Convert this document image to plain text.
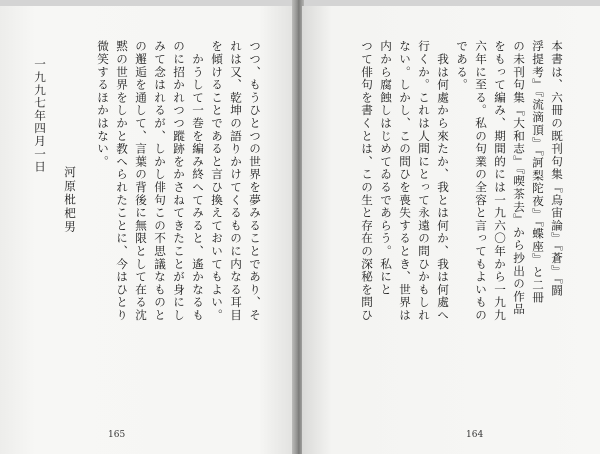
つつ、もうひとつの世界を夢みることであり、そ
れは又、乾坤の語りかけてくるものに内なる耳目
を傾けることであると言ひ換えておいてもよい。
　かうして一巻を編み終へてみると、遙かなるも
のに招かれつつ蹤跡をかさねてきたことが身にし
みて念はれるが、しかし俳句この不思議なものと
の邂逅を通して、言葉の背後に無限として在る沈
黙の世界をしかと教へられたことに、今はひとり
微笑するほかはない。
一九九七年四月一日
河原枇杷男
165
本書は、六冊の既刊句集『烏宙論』『蒼』『闘
浮提考』『流滴頂』『訶梨陀夜』『蝶座』と二冊
の未刊句集『大和志』『喫茶去』から抄出の作品
をもって編み、期間的には一九六〇年から一九九
六年に至る。私の句業の全容と言ってもよいもの
である。
　我は何處から來たか、我とは何か、我は何處へ
行くか。これは人間にとって永遠の問ひかもしれ
ない。しかし、この問ひを喪失するとき、世界は
内から腐蝕しはじめてゐるであらう。私にと
つて俳句を書くとは、この生と存在の深秘を問ひ
164
